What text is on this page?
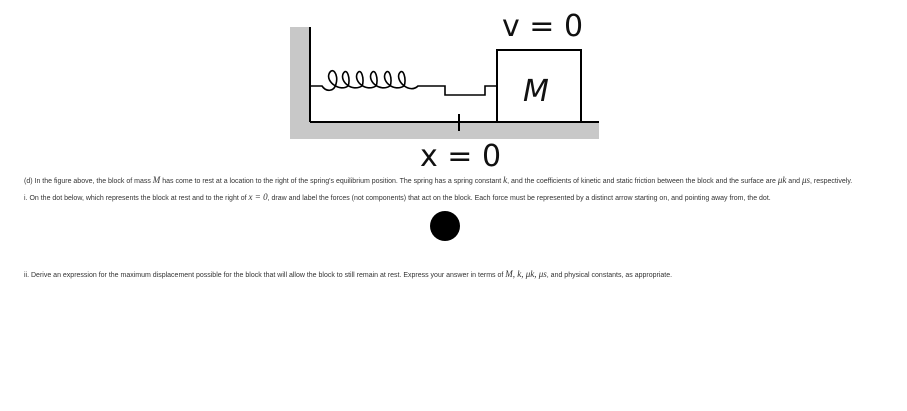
M
v = 0
x = 0
(d) In the figure above, the block of mass M has come to rest at a location to the right of the spring's equilibrium position. The spring has a spring constant k, and the coefficients of kinetic and static friction between the block and the surface are μk and μs, respectively.
i. On the dot below, which represents the block at rest and to the right of x = 0, draw and label the forces (not components) that act on the block. Each force must be represented by a distinct arrow starting on, and pointing away from, the dot.
ii. Derive an expression for the maximum displacement possible for the block that will allow the block to still remain at rest. Express your answer in terms of M, k, μk, μs, and physical constants, as appropriate.
